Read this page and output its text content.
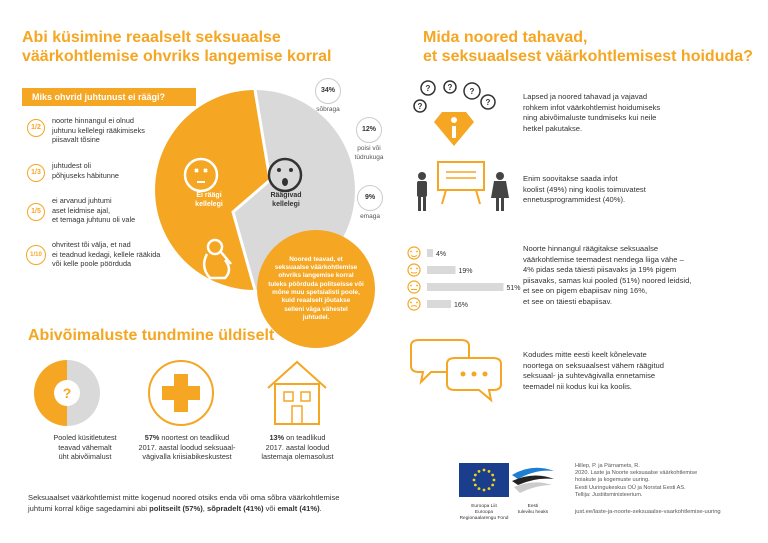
Abi küsimine reaalselt seksuaalse
väärkohtlemise ohvriks langemise korral
Miks ohvrid juhtunust ei räägi?
1/2
noorte hinnangul ei olnud
juhtunu kellelegi rääkimiseks
piisavalt tõsine
1/3
juhtudest oli
põhjuseks häbitunne
1/5
ei arvanud juhtumi
aset leidmise ajal,
et temaga juhtunu oli vale
1/10
ohvritest tõi välja, et nad
ei teadnud kedagi, kellele rääkida
või kelle poole pöörduda
Ei räägi
kellelegi
Räägivad
kellelegi
34%
sõbraga
12%
poisi või
tüdrukuga
9%
emaga
Noored teavad, et
seksuaalse väärkohtlemise
ohvriks langemise korral
tuleks pöörduda politseisse või
mõne muu spetsialisti poole,
kuid reaalselt jõutakse
selleni väga vähestel
juhtudel.
Abivõimaluste tundmine üldiselt
?
Pooled küsitletutest
teavad vähemalt
üht abivõimalust
57% noortest on teadlikud
2017. aastal loodud seksuaal-
vägivalla kriisiabikeskustest
13% on teadlikud
2017. aastal loodud
lastemaja olemasolust
Seksuaalset väärkohtlemist mitte kogenud noored otsiks enda või oma sõbra väärkohtlemise
juhtumi korral kõige sagedamini abi politseilt (57%), sõpradelt (41%) või emalt (41%).
Mida noored tahavad,
et seksuaalsest väärkohtlemisest hoiduda?
? ? ?
?
?
Lapsed ja noored tahavad ja vajavad
rohkem infot väärkohtlemist hoidumiseks
ning abivõimaluste tundmiseks kui neile
hetkel pakutakse.
Enim soovitakse saada infot
koolist (49%) ning koolis toimuvatest
ennetusprogrammidest (40%).
4%
19%
51%
16%
Noorte hinnangul räägitakse seksuaalse
väärkohtlemise teemadest nendega liiga vähe –
4% pidas seda täiesti piisavaks ja 19% pigem
piisavaks, samas kui pooled (51%) noored leidsid,
et see on pigem ebapiisav ning 16%,
et see on täiesti ebapiisav.
Kodudes mitte eesti keelt kõnelevate
noortega on seksuaalsest vähem räägitud
seksuaal- ja suhtevägivalla ennetamise
teemadel nii kodus kui ka koolis.
Euroopa Liit
Euroopa
Regionaalarengu Fond
Eesti
tuleviku heaks
Hillep, P. ja Pärnamets, R.
2020. Laste ja Noorte seksuaalse väärkohtlemise
hoiakute ja kogemuste uuring.
Eesti Uuringukeskus OÜ ja Norstat Eesti AS.
Tellija: Justiitsministeerium.
just.ee/laste-ja-noorte-seksuaalse-vaarkohtlemise-uuring
